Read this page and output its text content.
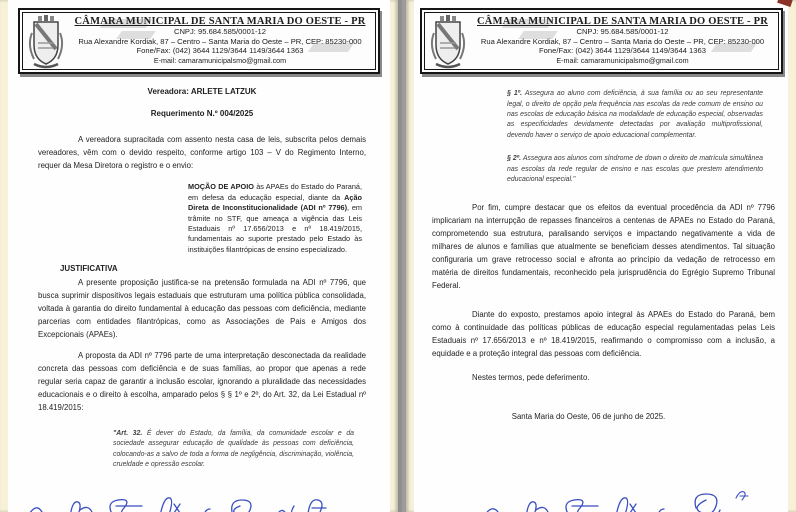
CÂMARA MUNICIPAL DE SANTA MARIA DO OESTE - PR
CNPJ: 95.684.585/0001-12
Rua Alexandre Kordiak, 87 – Centro – Santa Maria do Oeste – PR, CEP: 85230-000
Fone/Fax: (042) 3644 1129/3644 1149/3644 1363
E-mail: camaramunicipalsmo@gmail.com
Vereadora: ARLETE LATZUK
Requerimento N.º 004/2025

A vereadora supracitada com assento nesta casa de leis, subscrita pelos demais vereadores, vêm com o devido respeito, conforme artigo 103 – V do Regimento Interno, requer da Mesa Diretora o registro e o envio:

MOÇÃO DE APOIO às APAEs do Estado do Paraná, em defesa da educação especial, diante da Ação Direta de Inconstitucionalidade (ADI nº 7796), em trâmite no STF, que ameaça a vigência das Leis Estaduais nº 17.656/2013 e nº 18.419/2015, fundamentais ao suporte prestado pelo Estado às instituições filantrópicas de ensino especializado.
JUSTIFICATIVA

A presente proposição justifica-se na pretensão formulada na ADI nº 7796, que busca suprimir dispositivos legais estaduais que estruturam uma política pública consolidada, voltada à garantia do direito fundamental à educação das pessoas com deficiência, mediante parcerias com entidades filantrópicas, como as Associações de Pais e Amigos dos Excepcionais (APAEs).

A proposta da ADI nº 7796 parte de uma interpretação desconectada da realidade concreta das pessoas com deficiência e de suas famílias, ao propor que apenas a rede regular seria capaz de garantir a inclusão escolar, ignorando a pluralidade das necessidades educacionais e o direito à escolha, amparado pelos § § 1º e 2º, do Art. 32, da Lei Estadual nº 18.419/2015:

"Art. 32. É dever do Estado, da família, da comunidade escolar e da sociedade assegurar educação de qualidade às pessoas com deficiência, colocando-as a salvo de toda a forma de negligência, discriminação, violência, crueldade e opressão escolar.
CÂMARA MUNICIPAL DE SANTA MARIA DO OESTE - PR
CNPJ: 95.684.585/0001-12
Rua Alexandre Kordiak, 87 – Centro – Santa Maria do Oeste – PR, CEP: 85230-000
Fone/Fax: (042) 3644 1129/3644 1149/3644 1363
E-mail: camaramunicipalsmo@gmail.com
§ 1º. Assegura ao aluno com deficiência, à sua família ou ao seu representante legal, o direito de opção pela frequência nas escolas da rede comum de ensino ou nas escolas de educação básica na modalidade de educação especial, observadas as especificidades devidamente detectadas por avaliação multiprofissional, devendo haver o serviço de apoio educacional complementar.
§ 2º. Assegura aos alunos com síndrome de down o direito de matrícula simultânea nas escolas da rede regular de ensino e nas escolas que prestem atendimento educacional especial."

Por fim, cumpre destacar que os efeitos da eventual procedência da ADI nº 7796 implicariam na interrupção de repasses financeiros a centenas de APAEs no Estado do Paraná, comprometendo sua estrutura, paralisando serviços e impactando negativamente a vida de milhares de alunos e famílias que atualmente se beneficiam desses atendimentos. Tal situação configuraria um grave retrocesso social e afronta ao princípio da vedação de retrocesso em matéria de direitos fundamentais, reconhecido pela jurisprudência do Egrégio Supremo Tribunal Federal.

Diante do exposto, prestamos apoio integral às APAEs do Estado do Paraná, bem como à continuidade das políticas públicas de educação especial regulamentadas pelas Leis Estaduais nº 17.656/2013 e nº 18.419/2015, reafirmando o compromisso com a inclusão, a equidade e a proteção integral das pessoas com deficiência.

Nestes termos, pede deferimento.
Santa Maria do Oeste, 06 de junho de 2025.
